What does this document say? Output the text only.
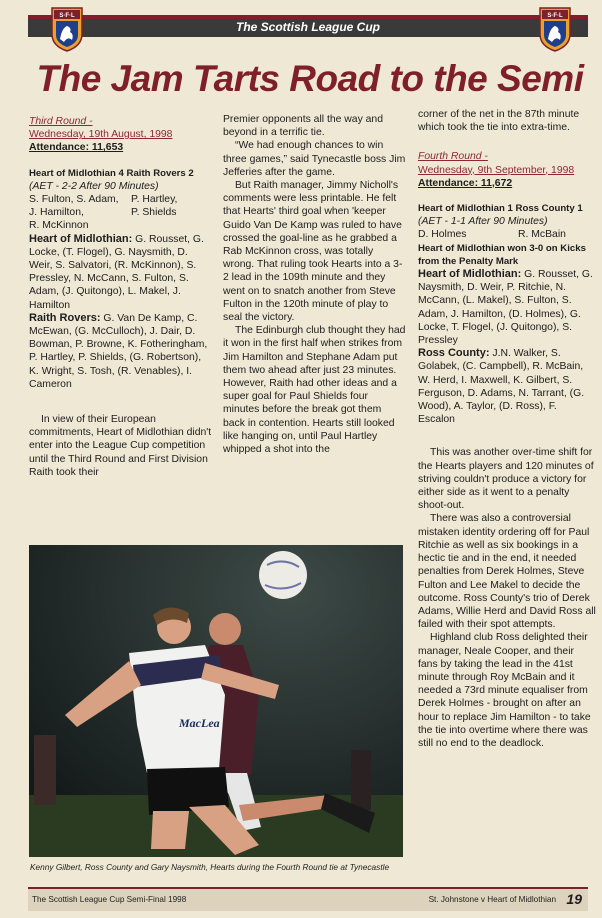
The Scottish League Cup
S·F·L	S·F·L
The Jam Tarts Road to the Semi

Third Round -

Wednesday, 19th August, 1998

Attendance: 11,653

Heart of Midlothian 4 Raith Rovers 2

(AET - 2-2 After 90 Minutes)

S. Fulton, S. Adam,	P. Hartley,
J. Hamilton,	P. Shields
R. McKinnon

Heart of Midlothian: G. Rousset, G. Locke, (T. Flogel), G. Naysmith, D. Weir, S. Salvatori, (R. McKinnon), S. Pressley, N. McCann, S. Fulton, S. Adam, (J. Quitongo), L. Makel, J. Hamilton

Raith Rovers: G. Van De Kamp, C. McEwan, (G. McCulloch), J. Dair, D. Bowman, P. Browne, K. Fotheringham, P. Hartley, P. Shields, (G. Robertson), K. Wright, S. Tosh, (R. Venables), I. Cameron

In view of their European commitments, Heart of Midlothian didn't enter into the League Cup competition until the Third Round and First Division Raith took their

Premier opponents all the way and beyond in a terrific tie.

“We had enough chances to win three games,” said Tynecastle boss Jim Jefferies after the game.

But Raith manager, Jimmy Nicholl's comments were less printable. He felt that Hearts' third goal when 'keeper Guido Van De Kamp was ruled to have crossed the goal-line as he grabbed a Rab McKinnon cross, was totally wrong. That ruling took Hearts into a 3-2 lead in the 109th minute and they went on to snatch another from Steve Fulton in the 120th minute of play to seal the victory.

The Edinburgh club thought they had it won in the first half when strikes from Jim Hamilton and Stephane Adam put them two ahead after just 23 minutes. However, Raith had other ideas and a super goal for Paul Shields four minutes before the break got them back in contention. Hearts still looked like hanging on, until Paul Hartley whipped a shot into the

corner of the net in the 87th minute which took the tie into extra-time.

Fourth Round -

Wednesday, 9th September, 1998

Attendance: 11,672

Heart of Midlothian 1 Ross County 1

(AET - 1-1 After 90 Minutes)

D. Holmes	R. McBain

Heart of Midlothian won 3-0 on Kicks from the Penalty Mark

Heart of Midlothian: G. Rousset, G. Naysmith, D. Weir, P. Ritchie, N. McCann, (L. Makel), S. Fulton, S. Adam, J. Hamilton, (D. Holmes), G. Locke, T. Flogel, (J. Quitongo), S. Pressley

Ross County: J.N. Walker, S. Golabek, (C. Campbell), R. McBain, W. Herd, I. Maxwell, K. Gilbert, S. Ferguson, D. Adams, N. Tarrant, (G. Wood), A. Taylor, (D. Ross), F. Escalon

This was another over-time shift for the Hearts players and 120 minutes of striving couldn't produce a victory for either side as it went to a penalty shoot-out.

There was also a controversial mistaken identity ordering off for Paul Ritchie as well as six bookings in a hectic tie and in the end, it needed penalties from Derek Holmes, Steve Fulton and Lee Makel to decide the outcome. Ross County's trio of Derek Adams, Willie Herd and David Ross all failed with their spot attempts.

Highland club Ross delighted their manager, Neale Cooper, and their fans by taking the lead in the 41st minute through Roy McBain and it needed a 73rd minute equaliser from Derek Holmes - brought on after an hour to replace Jim Hamilton - to take the tie into overtime where there was still no end to the deadlock.

MacLea
Kenny Gilbert, Ross County and Gary Naysmith, Hearts during the Fourth Round tie at Tynecastle
The Scottish League Cup Semi-Final 1998	St. Johnstone v Heart of Midlothian 19
